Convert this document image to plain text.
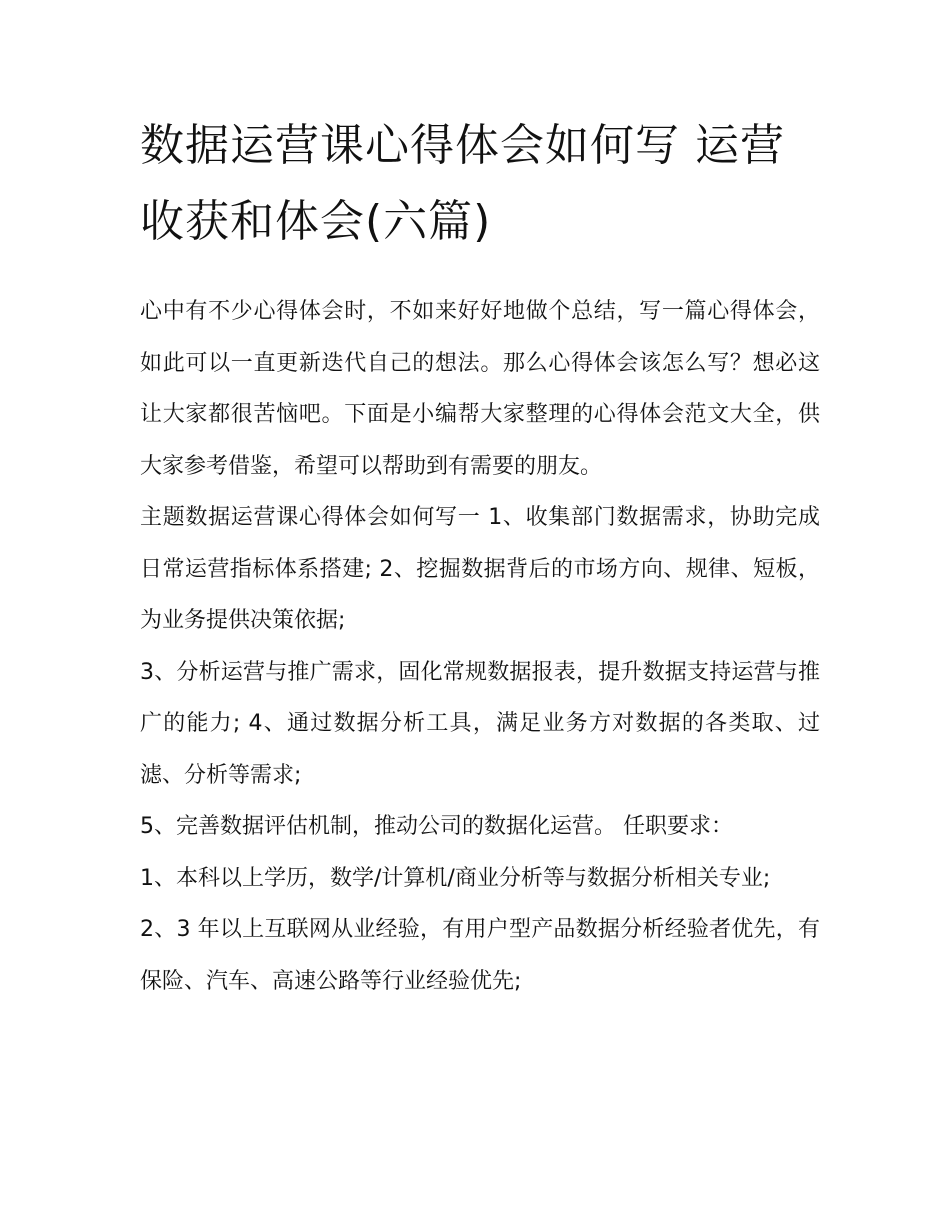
数据运营课心得体会如何写 运营收获和体会(六篇)

心中有不少心得体会时，不如来好好地做个总结，写一篇心得体会，如此可以一直更新迭代自己的想法。那么心得体会该怎么写？想必这让大家都很苦恼吧。下面是小编帮大家整理的心得体会范文大全，供大家参考借鉴，希望可以帮助到有需要的朋友。

主题数据运营课心得体会如何写一 1、收集部门数据需求，协助完成日常运营指标体系搭建; 2、挖掘数据背后的市场方向、规律、短板，为业务提供决策依据;

3、分析运营与推广需求，固化常规数据报表，提升数据支持运营与推广的能力; 4、通过数据分析工具，满足业务方对数据的各类取、过滤、分析等需求;

5、完善数据评估机制，推动公司的数据化运营。 任职要求：

1、本科以上学历，数学/计算机/商业分析等与数据分析相关专业;

2、3 年以上互联网从业经验，有用户型产品数据分析经验者优先，有保险、汽车、高速公路等行业经验优先;
